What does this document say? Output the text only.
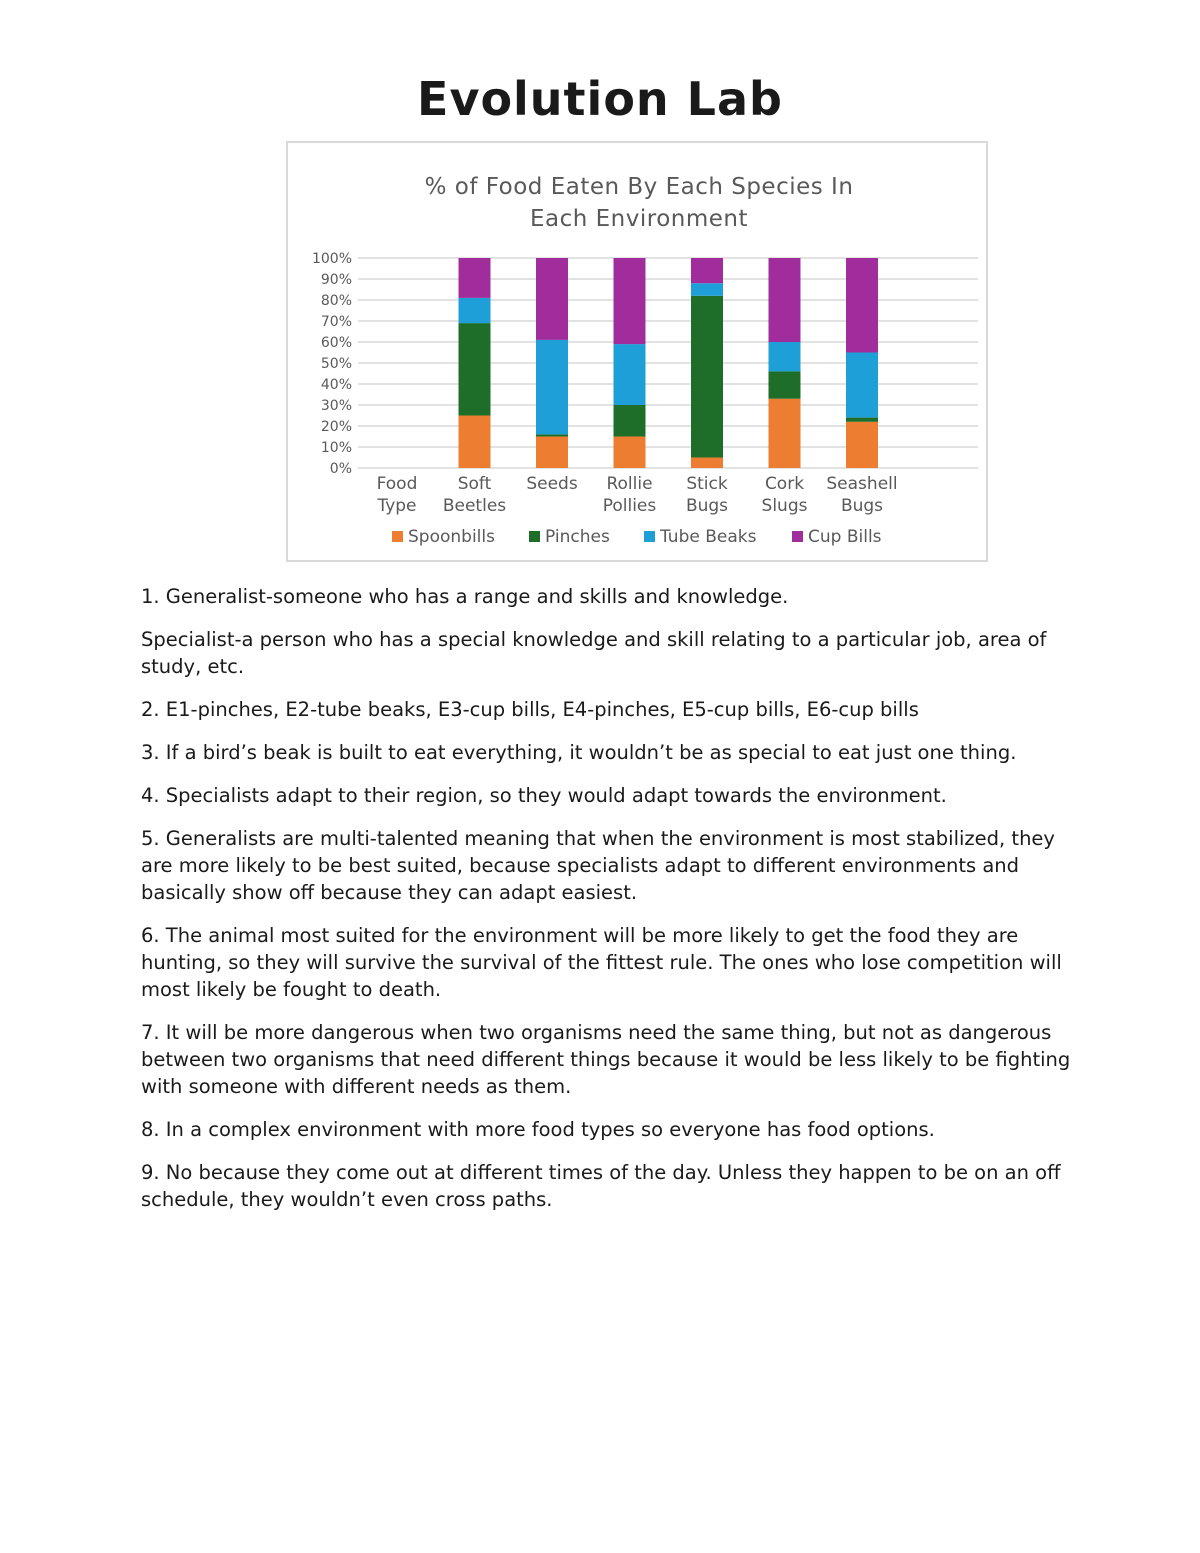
Evolution Lab
% of Food Eaten By Each Species In
Each Environment
0%
10%
20%
30%
40%
50%
60%
70%
80%
90%
100%
Food
Type
Soft
Beetles
Seeds Rollie
Pollies
Stick
Bugs
Cork
Slugs
Seashell
Bugs
Spoonbills	Pinches	Tube Beaks	Cup Bills

1. Generalist-someone who has a range and skills and knowledge.

Specialist-a person who has a special knowledge and skill relating to a particular job, area of study, etc.

2. E1-pinches, E2-tube beaks, E3-cup bills, E4-pinches, E5-cup bills, E6-cup bills

3. If a bird’s beak is built to eat everything, it wouldn’t be as special to eat just one thing.

4. Specialists adapt to their region, so they would adapt towards the environment.

5. Generalists are multi-talented meaning that when the environment is most stabilized, they are more likely to be best suited, because specialists adapt to different environments and basically show off because they can adapt easiest.

6. The animal most suited for the environment will be more likely to get the food they are hunting, so they will survive the survival of the fittest rule. The ones who lose competition will most likely be fought to death.

7. It will be more dangerous when two organisms need the same thing, but not as dangerous between two organisms that need different things because it would be less likely to be fighting with someone with different needs as them.

8. In a complex environment with more food types so everyone has food options.

9. No because they come out at different times of the day. Unless they happen to be on an off schedule, they wouldn’t even cross paths.
